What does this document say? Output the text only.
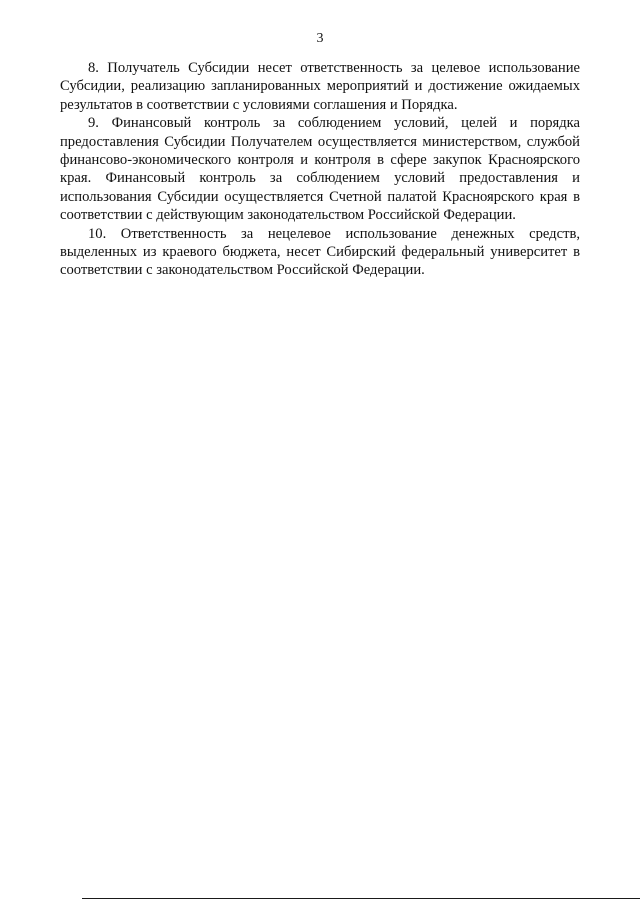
3

8. Получатель Субсидии несет ответственность за целевое использование Субсидии, реализацию запланированных мероприятий и достижение ожидаемых результатов в соответствии с условиями соглашения и Порядка.

9. Финансовый контроль за соблюдением условий, целей и порядка предоставления Субсидии Получателем осуществляется министерством, службой финансово-экономического контроля и контроля в сфере закупок Красноярского края. Финансовый контроль за соблюдением условий предоставления и использования Субсидии осуществляется Счетной палатой Красноярского края в соответствии с действующим законодательством Российской Федерации.

10. Ответственность за нецелевое использование денежных средств, выделенных из краевого бюджета, несет Сибирский федеральный университет в соответствии с законодательством Российской Федерации.
